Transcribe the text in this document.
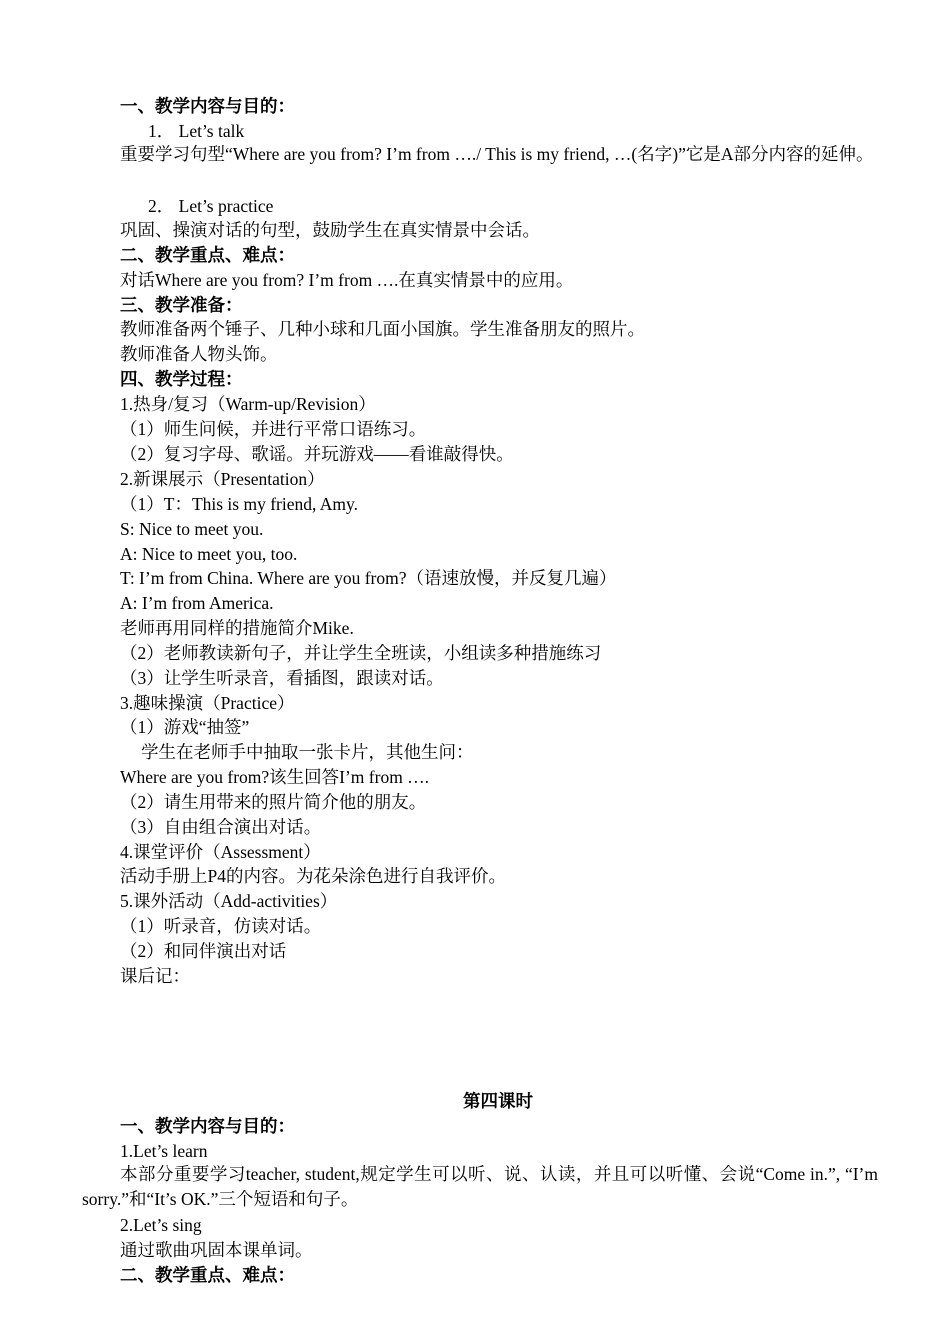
一、教学内容与目的：
1． Let’s talk
重要学习句型“Where are you from? I’m from …./ This is my friend, …(名字)”它是A部分内容的延伸。
2． Let’s practice
巩固、操演对话的句型，鼓励学生在真实情景中会话。
二、教学重点、难点：
对话Where are you from? I’m from ….在真实情景中的应用。
三、教学准备：
教师准备两个锤子、几种小球和几面小国旗。学生准备朋友的照片。
教师准备人物头饰。
四、教学过程：
1.热身/复习（Warm-up/Revision）
（1）师生问候，并进行平常口语练习。
（2）复习字母、歌谣。并玩游戏——看谁敲得快。
2.新课展示（Presentation）
（1）T：This is my friend, Amy.
S: Nice to meet you.
A: Nice to meet you, too.
T: I’m from China. Where are you from?（语速放慢，并反复几遍）
A: I’m from America.
老师再用同样的措施简介Mike.
（2）老师教读新句子，并让学生全班读，小组读多种措施练习
（3）让学生听录音，看插图，跟读对话。
3.趣味操演（Practice）
（1）游戏“抽签”
学生在老师手中抽取一张卡片，其他生问：
Where are you from?该生回答I’m from ….
（2）请生用带来的照片简介他的朋友。
（3）自由组合演出对话。
4.课堂评价（Assessment）
活动手册上P4的内容。为花朵涂色进行自我评价。
5.课外活动（Add-activities）
（1）听录音，仿读对话。
（2）和同伴演出对话
课后记：
第四课时
一、教学内容与目的：
1.Let’s learn
本部分重要学习teacher, student,规定学生可以听、说、认读，并且可以听懂、会说“Come in.”, “I’m sorry.”和“It’s OK.”三个短语和句子。
2.Let’s sing
通过歌曲巩固本课单词。
二、教学重点、难点：
